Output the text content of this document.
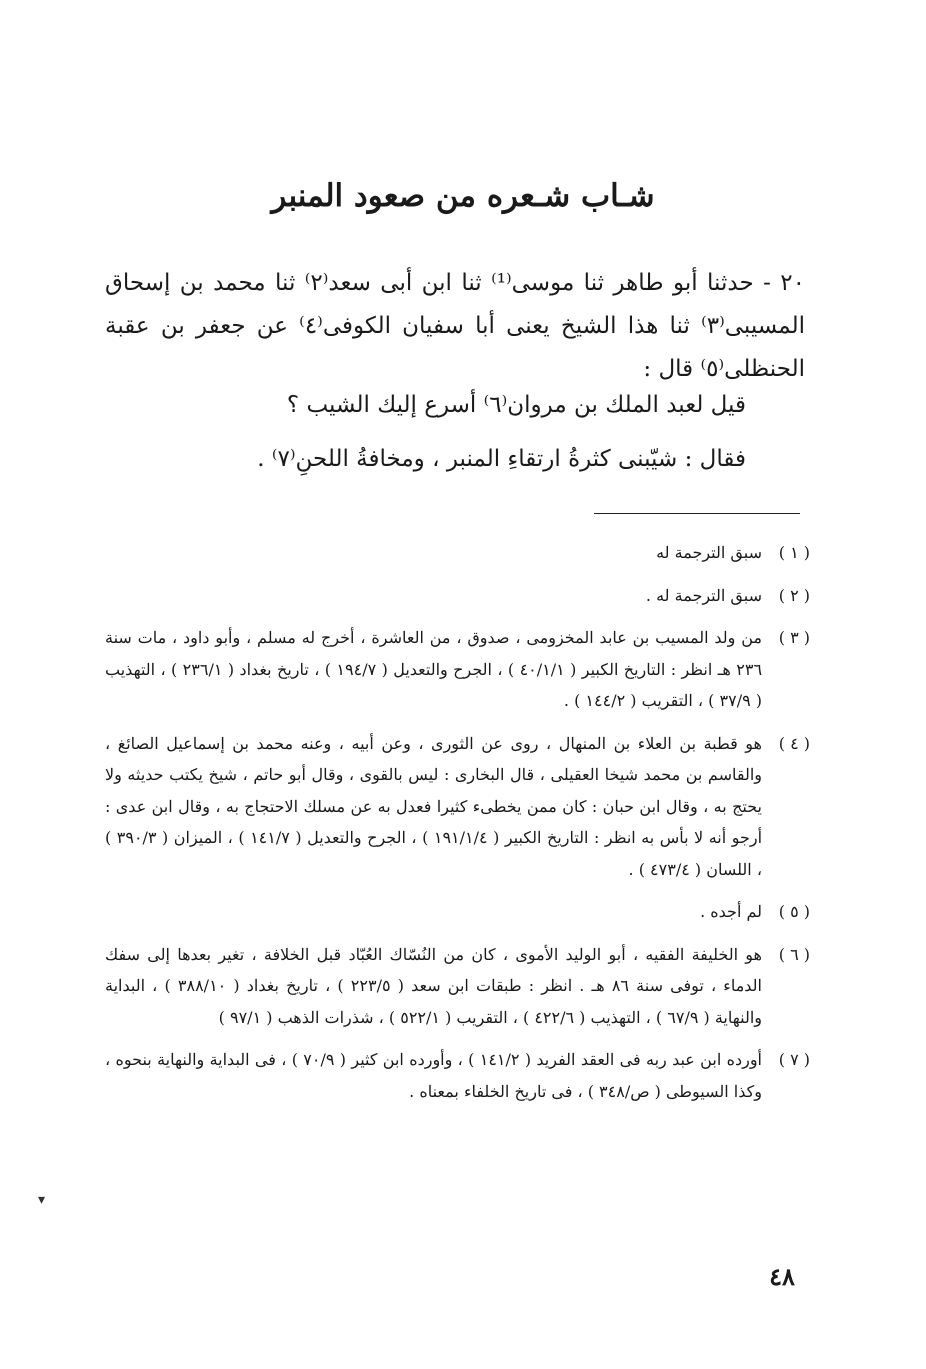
شـاب شـعره من صعود المنبر

٢٠ - حدثنا أبو طاهر ثنا موسى⁽¹⁾ ثنا ابن أبى سعد⁽٢⁾ ثنا محمد بن إسحاق المسيبى⁽٣⁾ ثنا هذا الشيخ يعنى أبا سفيان الكوفى⁽٤⁾ عن جعفر بن عقبة الحنظلى⁽٥⁾ قال :

قيل لعبد الملك بن مروان⁽٦⁾ أسرع إليك الشيب ؟
فقال : شيّبنى كثرةُ ارتقاءِ المنبر ، ومخافةُ اللحنِ⁽٧⁾ .
( ١ )
سبق الترجمة له
( ٢ )
سبق الترجمة له .
( ٣ )
من ولد المسيب بن عابد المخزومى ، صدوق ، من العاشرة ، أخرج له مسلم ، وأبو داود ، مات سنة ٢٣٦ هـ انظر : التاريخ الكبير ( ٤٠/١/١ ) ، الجرح والتعديل ( ١٩٤/٧ ) ، تاريخ بغداد ( ٢٣٦/١ ) ، التهذيب ( ٣٧/٩ ) ، التقريب ( ١٤٤/٢ ) .
( ٤ )
هو قطبة بن العلاء بن المنهال ، روى عن الثورى ، وعن أبيه ، وعنه محمد بن إسماعيل الصائغ ، والقاسم بن محمد شيخا العقيلى ، قال البخارى : ليس بالقوى ، وقال أبو حاتم ، شيخ يكتب حديثه ولا يحتج به ، وقال ابن حبان : كان ممن يخطىء كثيرا فعدل به عن مسلك الاحتجاج به ، وقال ابن عدى : أرجو أنه لا بأس به انظر : التاريخ الكبير ( ١٩١/١/٤ ) ، الجرح والتعديل ( ١٤١/٧ ) ، الميزان ( ٣٩٠/٣ ) ، اللسان ( ٤٧٣/٤ ) .
( ٥ )
لم أجده .
( ٦ )
هو الخليفة الفقيه ، أبو الوليد الأموى ، كان من النُسّاك العُبّاد قبل الخلافة ، تغير بعدها إلى سفك الدماء ، توفى سنة ٨٦ هـ . انظر : طبقات ابن سعد ( ٢٢٣/٥ ) ، تاريخ بغداد ( ٣٨٨/١٠ ) ، البداية والنهاية ( ٦٧/٩ ) ، التهذيب ( ٤٢٢/٦ ) ، التقريب ( ٥٢٢/١ ) ، شذرات الذهب ( ٩٧/١ )
( ٧ )
أورده ابن عبد ربه فى العقد الفريد ( ١٤١/٢ ) ، وأورده ابن كثير ( ٧٠/٩ ) ، فى البداية والنهاية بنحوه ، وكذا السيوطى ( ص/٣٤٨ ) ، فى تاريخ الخلفاء بمعناه .
▾
٤٨
